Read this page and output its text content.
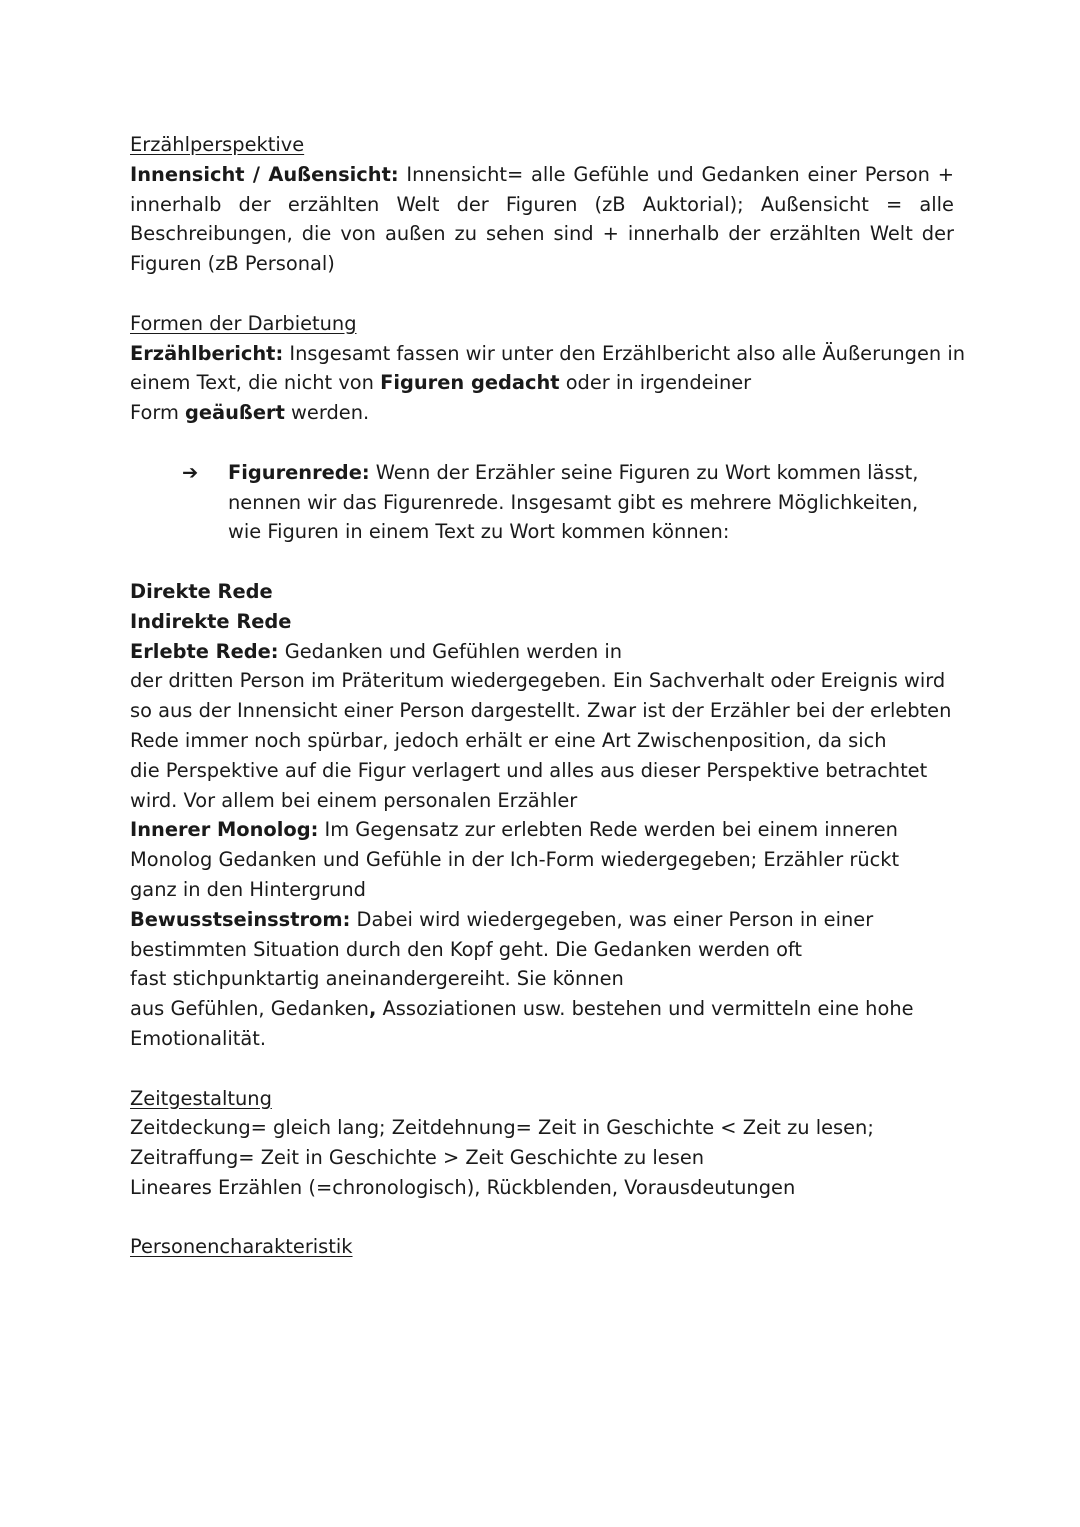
Erzählperspektive
Innensicht / Außensicht: Innensicht= alle Gefühle und Gedanken einer Person +
innerhalb der erzählten Welt der Figuren (zB Auktorial); Außensicht = alle
Beschreibungen, die von außen zu sehen sind + innerhalb der erzählten Welt der
Figuren (zB Personal)
Formen der Darbietung
Erzählbericht: Insgesamt fassen wir unter den Erzählbericht also alle Äußerungen in
einem Text, die nicht von Figuren gedacht oder in irgendeiner
Form geäußert werden.
➔ Figurenrede: Wenn der Erzähler seine Figuren zu Wort kommen lässt,
nennen wir das Figurenrede. Insgesamt gibt es mehrere Möglichkeiten,
wie Figuren in einem Text zu Wort kommen können:
Direkte Rede
Indirekte Rede
Erlebte Rede: Gedanken und Gefühlen werden in
der dritten Person im Präteritum wiedergegeben. Ein Sachverhalt oder Ereignis wird
so aus der Innensicht einer Person dargestellt. Zwar ist der Erzähler bei der erlebten
Rede immer noch spürbar, jedoch erhält er eine Art Zwischenposition, da sich
die Perspektive auf die Figur verlagert und alles aus dieser Perspektive betrachtet
wird. Vor allem bei einem personalen Erzähler
Innerer Monolog: Im Gegensatz zur erlebten Rede werden bei einem inneren
Monolog Gedanken und Gefühle in der Ich-Form wiedergegeben; Erzähler rückt
ganz in den Hintergrund
Bewusstseinsstrom: Dabei wird wiedergegeben, was einer Person in einer
bestimmten Situation durch den Kopf geht. Die Gedanken werden oft
fast stichpunktartig aneinandergereiht. Sie können
aus Gefühlen, Gedanken, Assoziationen usw. bestehen und vermitteln eine hohe
Emotionalität.
Zeitgestaltung
Zeitdeckung= gleich lang; Zeitdehnung= Zeit in Geschichte < Zeit zu lesen;
Zeitraffung= Zeit in Geschichte > Zeit Geschichte zu lesen
Lineares Erzählen (=chronologisch), Rückblenden, Vorausdeutungen
Personencharakteristik
